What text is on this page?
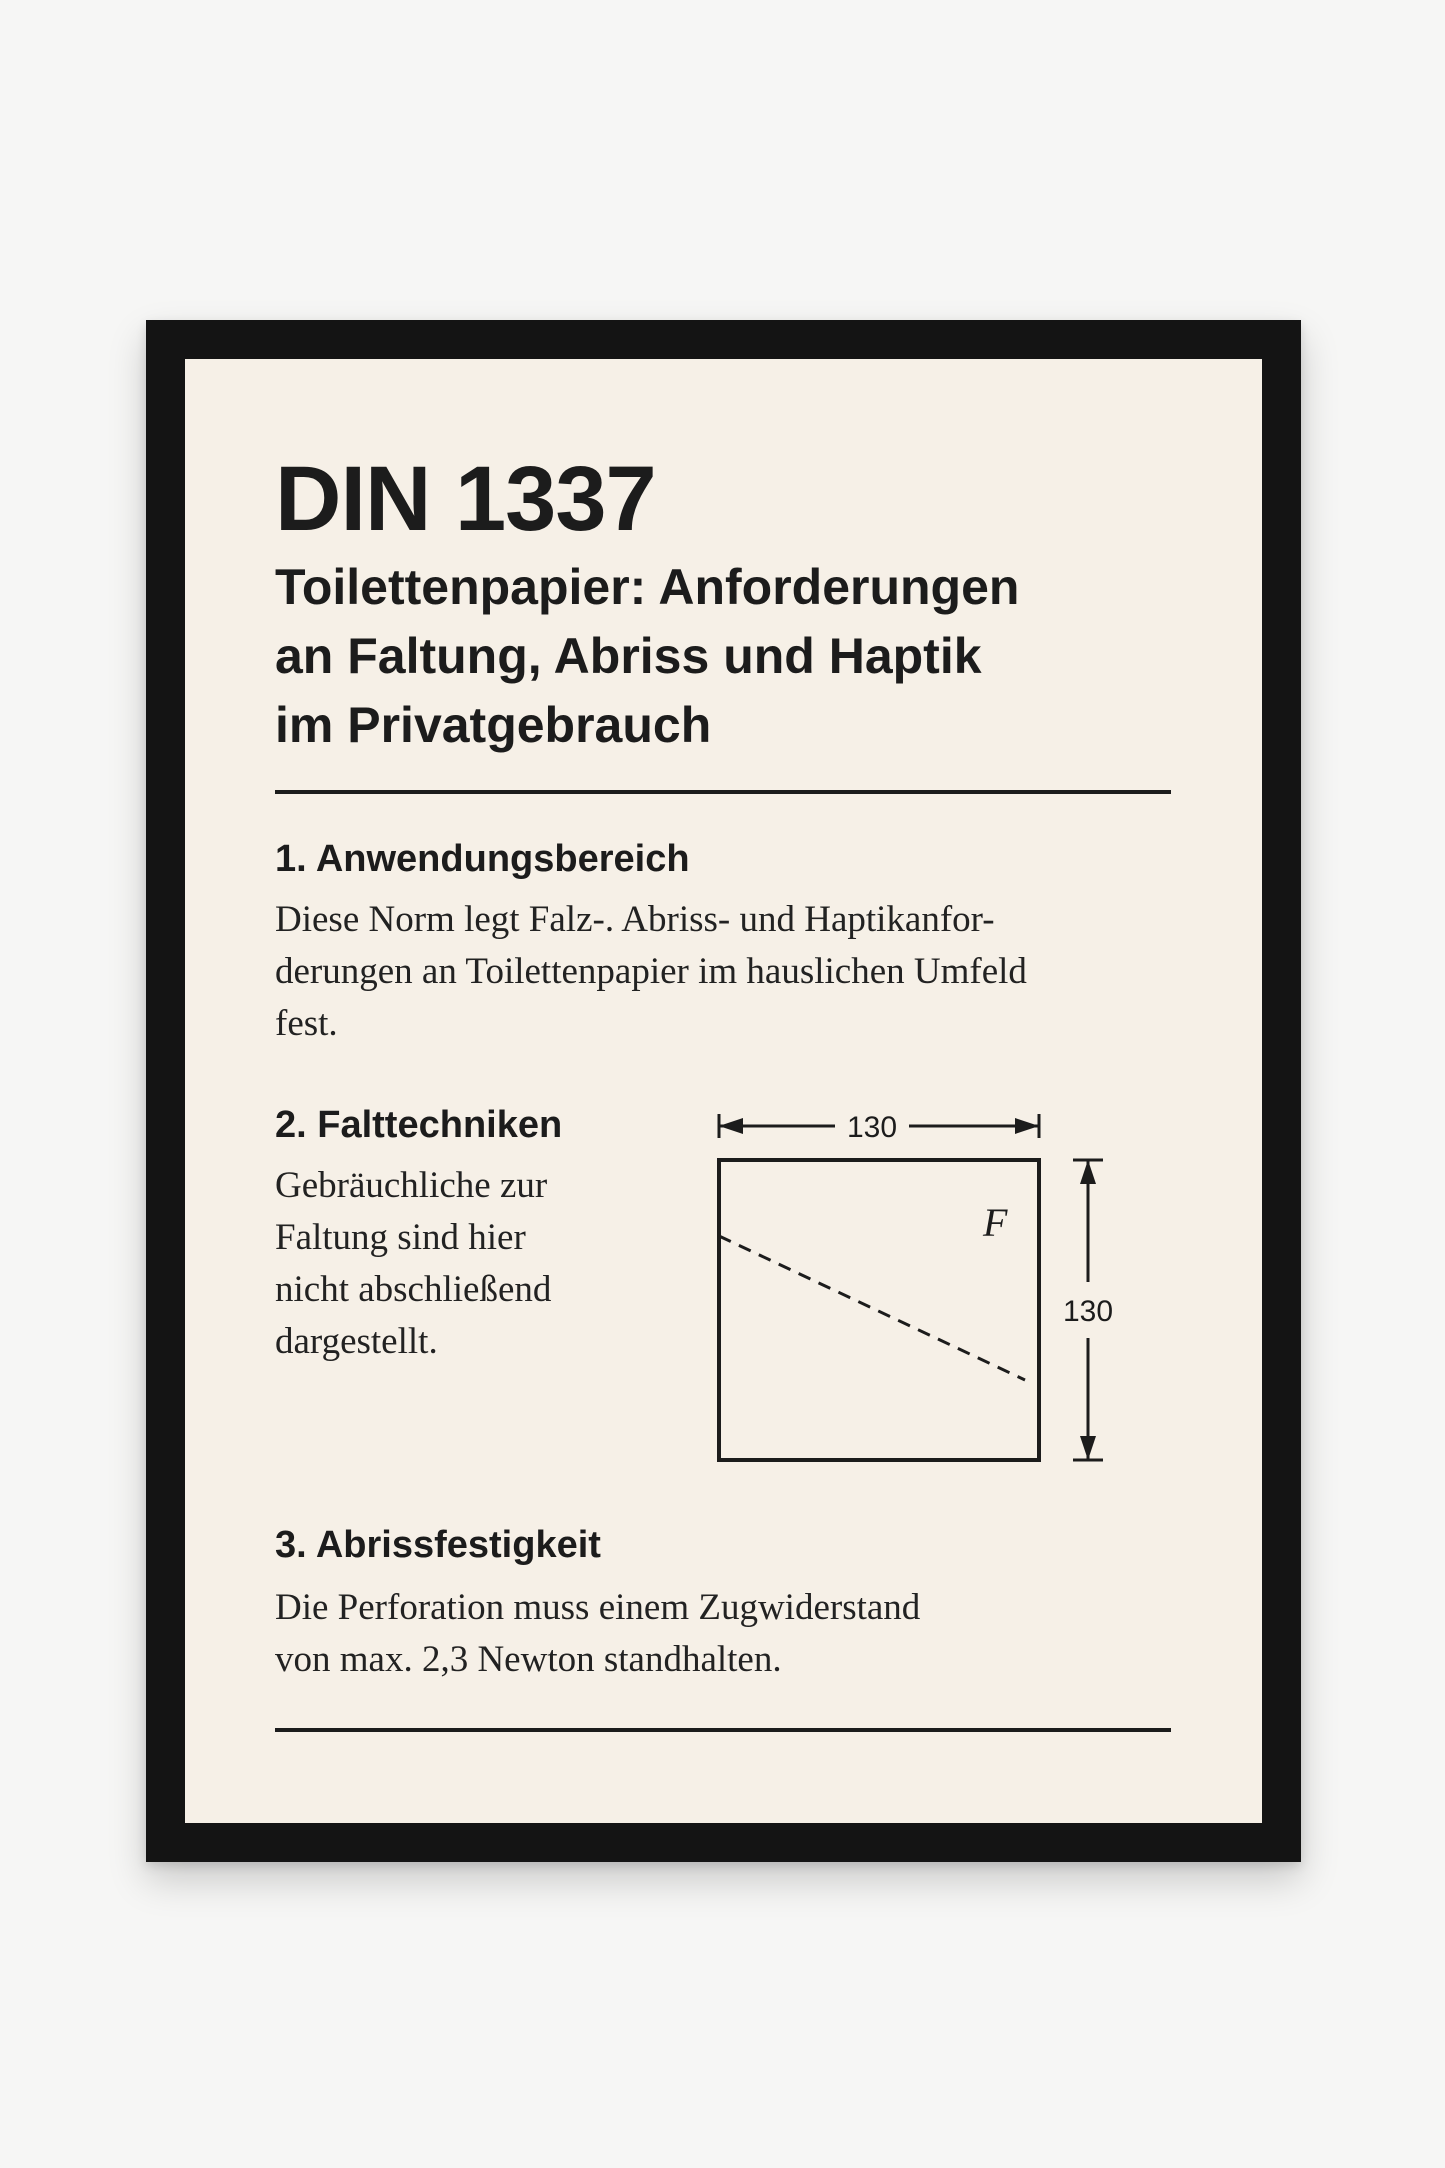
DIN 1337
Toilettenpapier: Anforderungen
an Faltung, Abriss und Haptik
im Privatgebrauch
1. Anwendungsbereich

Diese Norm legt Falz-. Abriss- und Haptikanfor-
derungen an Toilettenpapier im hauslichen Umfeld
fest.

2. Falttechniken

Gebräuchliche zur
Faltung sind hier
nicht abschließend
dargestellt.

130
F
130
3. Abrissfestigkeit

Die Perforation muss einem Zugwiderstand
von max. 2,3 Newton standhalten.
